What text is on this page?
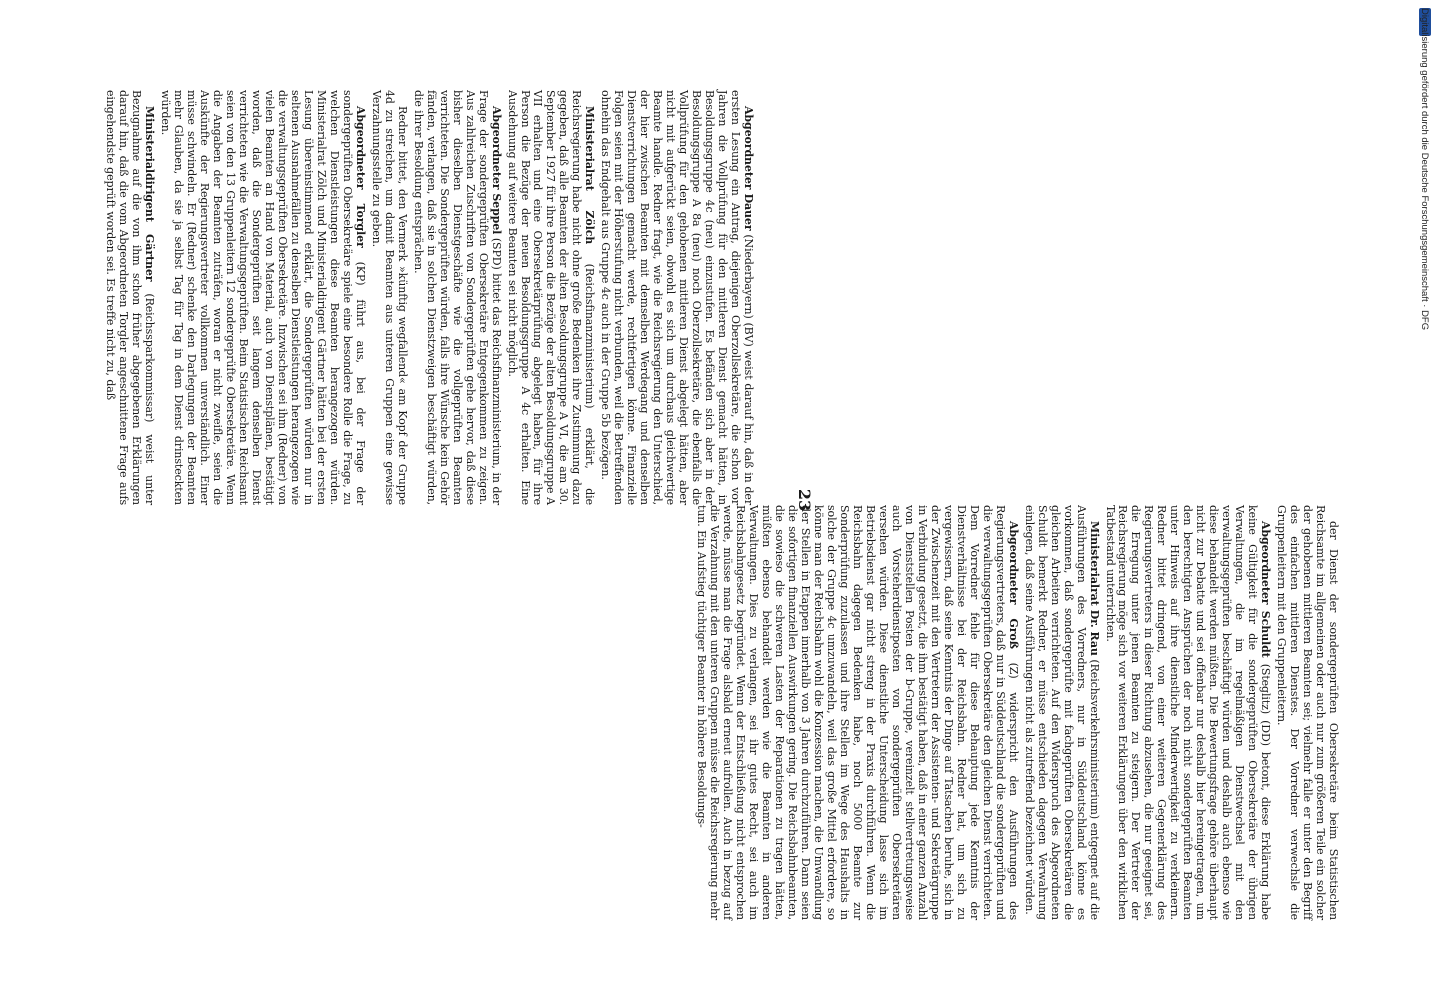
23

Abgeordneter Dauer (Niederbayern) (BV) weist darauf hin, daß in der ersten Lesung ein Antrag, diejenigen Oberzollsekretäre, die schon vor Jahren die Vollprüfung für den mittleren Dienst gemacht hätten, in Besoldungsgruppe 4c (neu) einzustufen. Es befänden sich aber in der Besoldungsgruppe A 8a (neu) noch Oberzollsekretäre, die ebenfalls die Vollprüfung für den gehobenen mittleren Dienst abgelegt hätten, aber nicht mit aufgerückt seien, obwohl es sich um durchaus gleichwertige Beamte handle. Redner fragt, wie die Reichsregierung den Unterschied, der hier zwischen Beamten mit demselben Werdegang und denselben Dienstverrichtungen gemacht werde, rechtfertigen könne. Finanzielle Folgen seien mit der Höherstufung nicht verbunden, weil die Betreffenden ohnehin das Endgehalt aus Gruppe 4c auch in der Gruppe 5b bezögen.

Ministerialrat Zölch (Reichsfinanzministerium) erklärt, die Reichsregierung habe nicht ohne große Bedenken ihre Zustimmung dazu gegeben, daß alle Beamten der alten Besoldungsgruppe A VI, die am 30. September 1927 für ihre Person die Bezüge der alten Besoldungsgruppe A VII erhalten und eine Obersekretärprüfung abgelegt haben, für ihre Person die Bezüge der neuen Besoldungsgruppe A 4c erhalten. Eine Ausdehnung auf weitere Beamten sei nicht möglich.

Abgeordneter Seppel (SPD) bittet das Reichsfinanzministerium, in der Frage der sondergeprüften Obersekretäre Entgegenkommen zu zeigen. Aus zahlreichen Zuschriften von Sondergeprüften gehe hervor, daß diese bisher dieselben Dienstgeschäfte wie die vollgeprüften Beamten verrichteten. Die Sondergeprüften würden, falls ihre Wünsche kein Gehör fänden, verlangen, daß sie in solchen Dienstzweigen beschäftigt würden, die ihrer Besoldung entsprächen.

Redner bittet, den Vermerk »künftig wegfallend« am Kopf der Gruppe 4d zu streichen, um damit Beamten aus unteren Gruppen eine gewisse Verzahnungsstelle zu geben.

Abgeordneter Torgler (KP) führt aus, bei der Frage der sondergeprüften Obersekretäre spiele eine besondere Rolle die Frage, zu welchen Dienstleistungen diese Beamten herangezogen würden. Ministerialrat Zölch und Ministerialdirigent Gärtner hätten bei der ersten Lesung übereinstimmend erklärt, die Sondergeprüften würden nur in seltenen Ausnahmefällen zu denselben Dienstleistungen herangezogen wie die verwaltungsgeprüften Obersekretäre. Inzwischen sei ihm (Redner) von vielen Beamten an Hand von Material, auch von Dienstplänen, bestätigt worden, daß die Sondergeprüften seit langem denselben Dienst verrichteten wie die Verwaltungsgeprüften. Beim Statistischen Reichsamt seien von den 13 Gruppenleitern 12 sondergeprüfte Obersekretäre. Wenn die Angaben der Beamten zuträfen, woran er nicht zweifle, seien die Auskünfte der Regierungsvertreter vollkommen unverständlich. Einer müsse schwindeln. Er (Redner) schenke den Darlegungen der Beamten mehr Glauben, da sie ja selbst Tag für Tag in dem Dienst drinsteckten würden.

Ministerialdirigent Gärtner (Reichssparkommissar) weist unter Bezugnahme auf die von ihm schon früher abgegebenen Erklärungen darauf hin, daß die vom Abgeordneten Torgler angeschnittene Frage aufs eingehendste geprüft worden sei. Es treffe nicht zu, daß

der Dienst der sondergeprüften Obersekretäre beim Statistischen Reichsamte im allgemeinen oder auch nur zum größeren Teile ein solcher der gehobenen mittleren Beamten sei; vielmehr falle er unter den Begriff des einfachen mittleren Dienstes. Der Vorredner verwechsle die Gruppenleitern mit den Gruppenleitern.

Abgeordneter Schuldt (Steglitz) (DD) betont, diese Erklärung habe keine Gültigkeit für die sondergeprüften Obersekretäre der übrigen Verwaltungen, die im regelmäßigen Dienstwechsel mit den verwaltungsgeprüften beschäftigt würden und deshalb auch ebenso wie diese behandelt werden müßten. Die Bewertungsfrage gehöre überhaupt nicht zur Debatte und sei offenbar nur deshalb hier hereingetragen, um den berechtigten Ansprüchen der noch nicht sondergeprüften Beamten unter Hinweis auf ihre dienstliche Minderwertigkeit zu verkleinern. Redner bittet dringend, von einer weiteren Gegenerklärung des Regierungsvertreters in dieser Richtung abzusehen, die nur geeignet sei, die Erregung unter jenen Beamten zu steigern. Der Vertreter der Reichsregierung möge sich vor weiteren Erklärungen über den wirklichen Tatbestand unterrichten.

Ministerialrat Dr. Rau (Reichsverkehrsministerium) entgegnet auf die Ausführungen des Vorredners, nur in Süddeutschland könne es vorkommen, daß sondergeprüfte mit fachgeprüften Obersekretären die gleichen Arbeiten verrichteten. Auf den Widerspruch des Abgeordneten Schuldt bemerkt Redner, er müsse entschieden dagegen Verwahrung einlegen, daß seine Ausführungen nicht als zutreffend bezeichnet würden.

Abgeordneter Groß (Z) widerspricht den Ausführungen des Regierungsvertreters, daß nur in Süddeutschland die sondergeprüften und die verwaltungsgeprüften Obersekretäre den gleichen Dienst verrichteten. Dem Vorredner fehle für diese Behauptung jede Kenntnis der Dienstverhältnisse bei der Reichsbahn. Redner hat, um sich zu vergewissern, daß seine Kenntnis der Dinge auf Tatsachen beruhe, sich in der Zwischenzeit mit den Vertretern der Assistenten- und Sekretärgruppe in Verbindung gesetzt, die ihm bestätigt haben, daß in einer ganzen Anzahl von Dienststellen Posten der b-Gruppe, vereinzelt stellvertretungsweise auch Vorsteherdienstposten von sondergeprüften Obersekretären versehen würden. Diese dienstliche Unterscheidung lasse sich im Betriebsdienst gar nicht streng in der Praxis durchführen. Wenn die Reichsbahn dagegen Bedenken habe, noch 5000 Beamte zur Sonderprüfung zuzulassen und ihre Stellen im Wege des Haushalts in solche der Gruppe 4c umzuwandeln, weil das große Mittel erfordere, so könne man der Reichsbahn wohl die Konzession machen, die Umwandlung der Stellen in Etappen innerhalb von 3 Jahren durchzuführen. Dann seien die sofortigen finanziellen Auswirkungen gering. Die Reichsbahnbeamten, die sowieso die schweren Lasten der Reparationen zu tragen hätten, müßten ebenso behandelt werden wie die Beamten in anderen Verwaltungen. Dies zu verlangen, sei ihr gutes Recht, sei auch im Reichsbahngesetz begründet. Wenn der Entschließung nicht entsprochen werde, müsse man die Frage alsbald erneut aufrollen. Auch in bezug auf die Verzahnung mit den unteren Gruppen müsse die Reichsregierung mehr tun. Ein Aufstieg tüchtiger Beamter in höhere Besoldungs-

Digitalisierung gefördert durch die Deutsche Forschungsgemeinschaft · DFG
